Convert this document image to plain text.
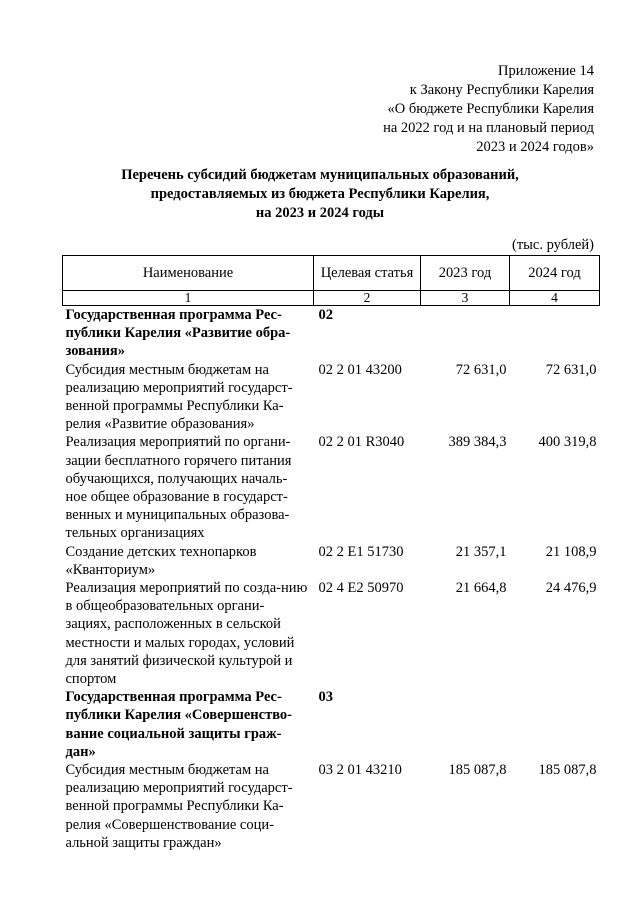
Приложение 14
к Закону Республики Карелия
«О бюджете Республики Карелия
на 2022 год и на плановый период
2023 и 2024 годов»
Перечень субсидий бюджетам муниципальных образований,
предоставляемых из бюджета Республики Карелия,
на 2023 и 2024 годы
(тыс. рублей)
Наименование	Целевая статья	2023 год	2024 год
1	2	3	4
Государственная программа Рес-публики Карелия «Развитие обра-зования»	02		
Субсидия местным бюджетам на реализацию мероприятий государст-венной программы Республики Ка-релия «Развитие образования»	02 2 01 43200	72 631,0	72 631,0
Реализация мероприятий по органи-зации бесплатного горячего питания обучающихся, получающих началь-ное общее образование в государст-венных и муниципальных образова-тельных организациях	02 2 01 R3040	389 384,3	400 319,8
Создание детских технопарков «Кванториум»	02 2 E1 51730	21 357,1	21 108,9
Реализация мероприятий по созда-нию в общеобразовательных органи-зациях, расположенных в сельской местности и малых городах, условий для занятий физической культурой и спортом	02 4 E2 50970	21 664,8	24 476,9
Государственная программа Рес-публики Карелия «Совершенство-вание социальной защиты граж-дан»	03		
Субсидия местным бюджетам на реализацию мероприятий государст-венной программы Республики Ка-релия «Совершенствование соци-альной защиты граждан»	03 2 01 43210	185 087,8	185 087,8
